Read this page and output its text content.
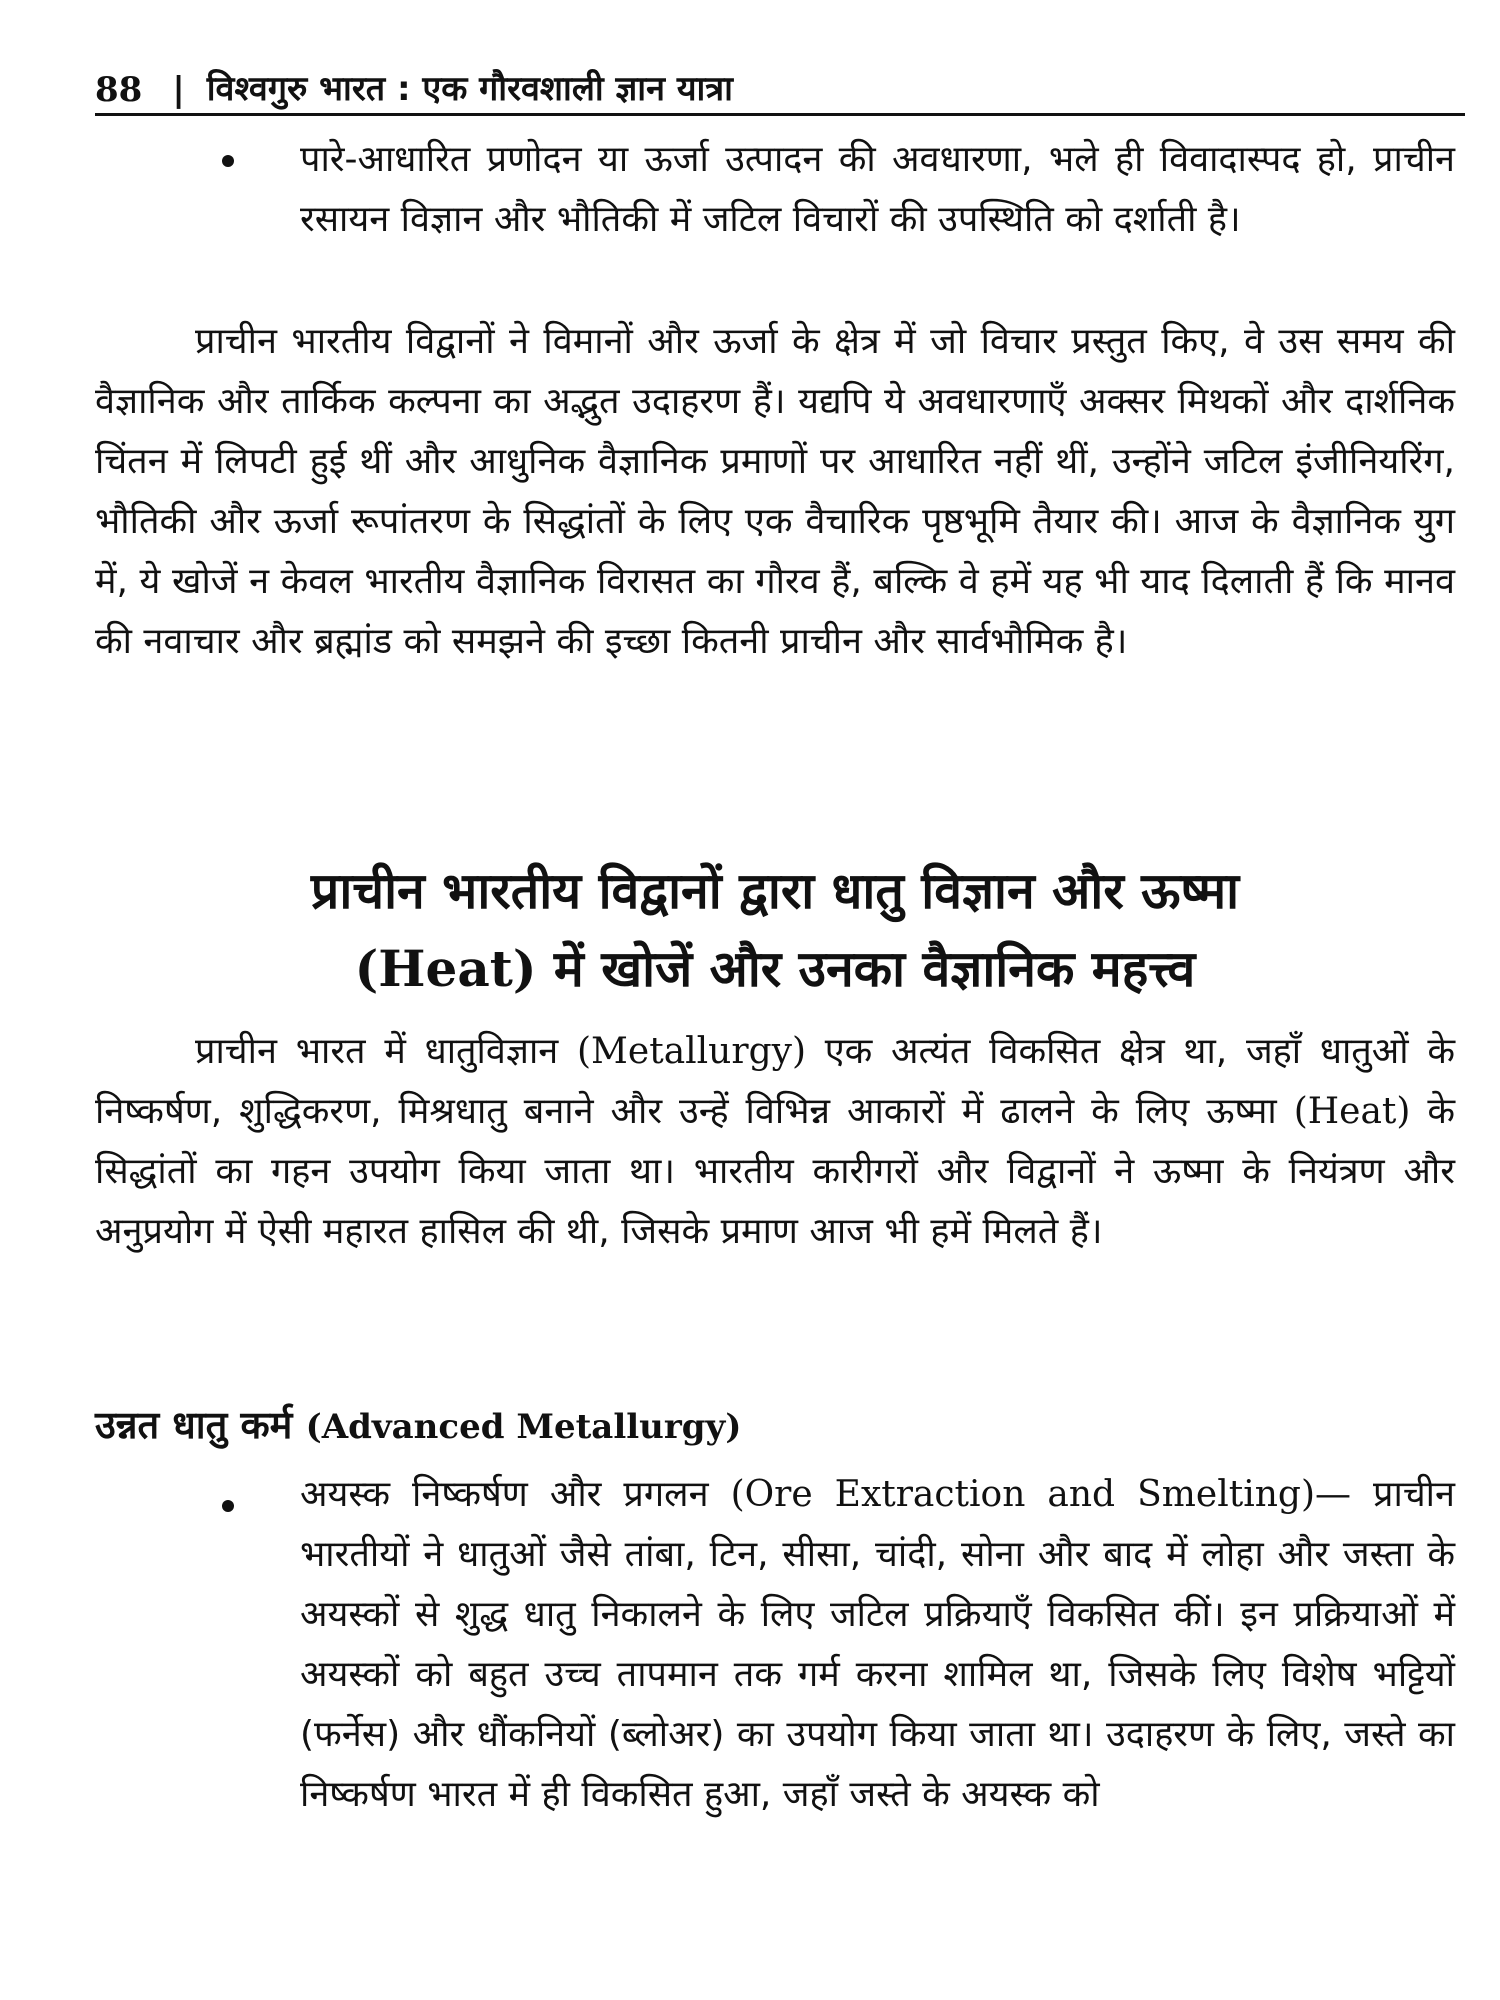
88 | विश्वगुरु भारत : एक गौरवशाली ज्ञान यात्रा
पारे-आधारित प्रणोदन या ऊर्जा उत्पादन की अवधारणा, भले ही विवादास्पद हो, प्राचीन रसायन विज्ञान और भौतिकी में जटिल विचारों की उपस्थिति को दर्शाती है।
प्राचीन भारतीय विद्वानों ने विमानों और ऊर्जा के क्षेत्र में जो विचार प्रस्तुत किए, वे उस समय की वैज्ञानिक और तार्किक कल्पना का अद्भुत उदाहरण हैं। यद्यपि ये अवधारणाएँ अक्सर मिथकों और दार्शनिक चिंतन में लिपटी हुई थीं और आधुनिक वैज्ञानिक प्रमाणों पर आधारित नहीं थीं, उन्होंने जटिल इंजीनियरिंग, भौतिकी और ऊर्जा रूपांतरण के सिद्धांतों के लिए एक वैचारिक पृष्ठभूमि तैयार की। आज के वैज्ञानिक युग में, ये खोजें न केवल भारतीय वैज्ञानिक विरासत का गौरव हैं, बल्कि वे हमें यह भी याद दिलाती हैं कि मानव की नवाचार और ब्रह्मांड को समझने की इच्छा कितनी प्राचीन और सार्वभौमिक है।
प्राचीन भारतीय विद्वानों द्वारा धातु विज्ञान और ऊष्मा
(Heat) में खोजें और उनका वैज्ञानिक महत्त्व
प्राचीन भारत में धातुविज्ञान (Metallurgy) एक अत्यंत विकसित क्षेत्र था, जहाँ धातुओं के निष्कर्षण, शुद्धिकरण, मिश्रधातु बनाने और उन्हें विभिन्न आकारों में ढालने के लिए ऊष्मा (Heat) के सिद्धांतों का गहन उपयोग किया जाता था। भारतीय कारीगरों और विद्वानों ने ऊष्मा के नियंत्रण और अनुप्रयोग में ऐसी महारत हासिल की थी, जिसके प्रमाण आज भी हमें मिलते हैं।
उन्नत धातु कर्म (Advanced Metallurgy)
अयस्क निष्कर्षण और प्रगलन (Ore Extraction and Smelting)— प्राचीन भारतीयों ने धातुओं जैसे तांबा, टिन, सीसा, चांदी, सोना और बाद में लोहा और जस्ता के अयस्कों से शुद्ध धातु निकालने के लिए जटिल प्रक्रियाएँ विकसित कीं। इन प्रक्रियाओं में अयस्कों को बहुत उच्च तापमान तक गर्म करना शामिल था, जिसके लिए विशेष भट्टियों (फर्नेस) और धौंकनियों (ब्लोअर) का उपयोग किया जाता था। उदाहरण के लिए, जस्ते का निष्कर्षण भारत में ही विकसित हुआ, जहाँ जस्ते के अयस्क को
